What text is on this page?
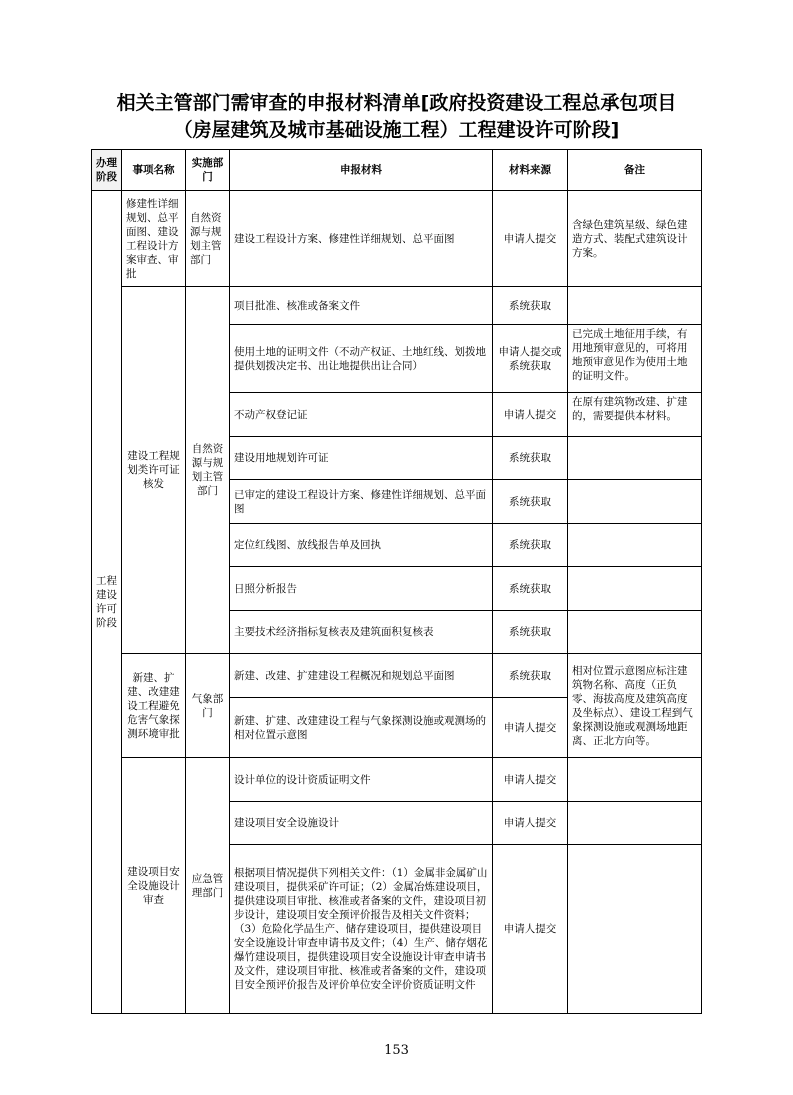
相关主管部门需审查的申报材料清单[政府投资建设工程总承包项目
（房屋建筑及城市基础设施工程）工程建设许可阶段]
办理阶段	事项名称	实施部门	申报材料	材料来源	备注
工程建设许可阶段	修建性详细规划、总平面图、建设工程设计方案审查、审批	自然资源与规划主管部门	建设工程设计方案、修建性详细规划、总平面图	申请人提交	含绿色建筑星级、绿色建造方式、装配式建筑设计方案。
	建设工程规划类许可证核发	自然资源与规划主管部门	项目批准、核准或备案文件	系统获取	
			使用土地的证明文件（不动产权证、土地红线、划拨地提供划拨决定书、出让地提供出让合同）	申请人提交或系统获取	已完成土地征用手续，有用地预审意见的，可将用地预审意见作为使用土地的证明文件。
			不动产权登记证	申请人提交	在原有建筑物改建、扩建的，需要提供本材料。
			建设用地规划许可证	系统获取	
			已审定的建设工程设计方案、修建性详细规划、总平面图	系统获取	
			定位红线图、放线报告单及回执	系统获取	
			日照分析报告	系统获取	
			主要技术经济指标复核表及建筑面积复核表	系统获取	
	新建、扩建、改建建设工程避免危害气象探测环境审批	气象部门	新建、改建、扩建建设工程概况和规划总平面图	系统获取	相对位置示意图应标注建筑物名称、高度（正负零、海拔高度及建筑高度及坐标点）、建设工程到气象探测设施或观测场地距离、正北方向等。
			新建、扩建、改建建设工程与气象探测设施或观测场的相对位置示意图	申请人提交	
	建设项目安全设施设计审查	应急管理部门	设计单位的设计资质证明文件	申请人提交	
			建设项目安全设施设计	申请人提交	
			根据项目情况提供下列相关文件：（1）金属非金属矿山建设项目，提供采矿许可证；（2）金属冶炼建设项目，提供建设项目审批、核准或者备案的文件，建设项目初步设计，建设项目安全预评价报告及相关文件资料；（3）危险化学品生产、储存建设项目，提供建设项目安全设施设计审查申请书及文件；（4）生产、储存烟花爆竹建设项目，提供建设项目安全设施设计审查申请书及文件，建设项目审批、核准或者备案的文件，建设项目安全预评价报告及评价单位安全评价资质证明文件	申请人提交	
153
